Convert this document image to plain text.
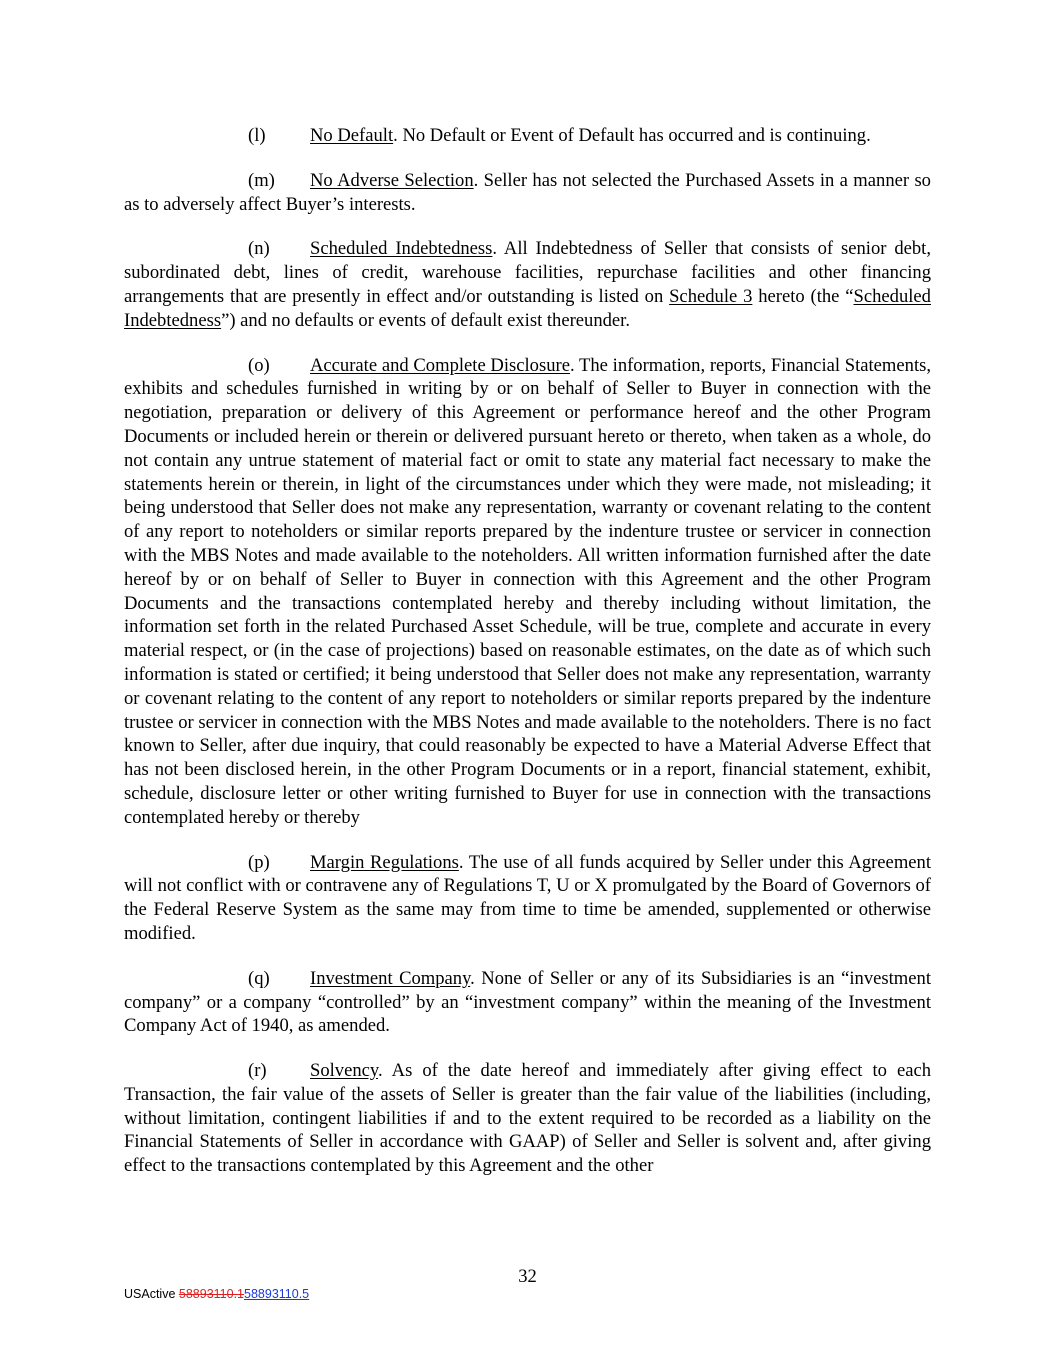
(l) No Default. No Default or Event of Default has occurred and is continuing.

(m) No Adverse Selection. Seller has not selected the Purchased Assets in a manner so as to adversely affect Buyer’s interests.

(n) Scheduled Indebtedness. All Indebtedness of Seller that consists of senior debt, subordinated debt, lines of credit, warehouse facilities, repurchase facilities and other financing arrangements that are presently in effect and/or outstanding is listed on Schedule 3 hereto (the “Scheduled Indebtedness”) and no defaults or events of default exist thereunder.

(o) Accurate and Complete Disclosure. The information, reports, Financial Statements, exhibits and schedules furnished in writing by or on behalf of Seller to Buyer in connection with the negotiation, preparation or delivery of this Agreement or performance hereof and the other Program Documents or included herein or therein or delivered pursuant hereto or thereto, when taken as a whole, do not contain any untrue statement of material fact or omit to state any material fact necessary to make the statements herein or therein, in light of the circumstances under which they were made, not misleading; it being understood that Seller does not make any representation, warranty or covenant relating to the content of any report to noteholders or similar reports prepared by the indenture trustee or servicer in connection with the MBS Notes and made available to the noteholders. All written information furnished after the date hereof by or on behalf of Seller to Buyer in connection with this Agreement and the other Program Documents and the transactions contemplated hereby and thereby including without limitation, the information set forth in the related Purchased Asset Schedule, will be true, complete and accurate in every material respect, or (in the case of projections) based on reasonable estimates, on the date as of which such information is stated or certified; it being understood that Seller does not make any representation, warranty or covenant relating to the content of any report to noteholders or similar reports prepared by the indenture trustee or servicer in connection with the MBS Notes and made available to the noteholders. There is no fact known to Seller, after due inquiry, that could reasonably be expected to have a Material Adverse Effect that has not been disclosed herein, in the other Program Documents or in a report, financial statement, exhibit, schedule, disclosure letter or other writing furnished to Buyer for use in connection with the transactions contemplated hereby or thereby

(p) Margin Regulations. The use of all funds acquired by Seller under this Agreement will not conflict with or contravene any of Regulations T, U or X promulgated by the Board of Governors of the Federal Reserve System as the same may from time to time be amended, supplemented or otherwise modified.

(q) Investment Company. None of Seller or any of its Subsidiaries is an “investment company” or a company “controlled” by an “investment company” within the meaning of the Investment Company Act of 1940, as amended.

(r) Solvency. As of the date hereof and immediately after giving effect to each Transaction, the fair value of the assets of Seller is greater than the fair value of the liabilities (including, without limitation, contingent liabilities if and to the extent required to be recorded as a liability on the Financial Statements of Seller in accordance with GAAP) of Seller and Seller is solvent and, after giving effect to the transactions contemplated by this Agreement and the other

32
USActive 58893110.158893110.5
